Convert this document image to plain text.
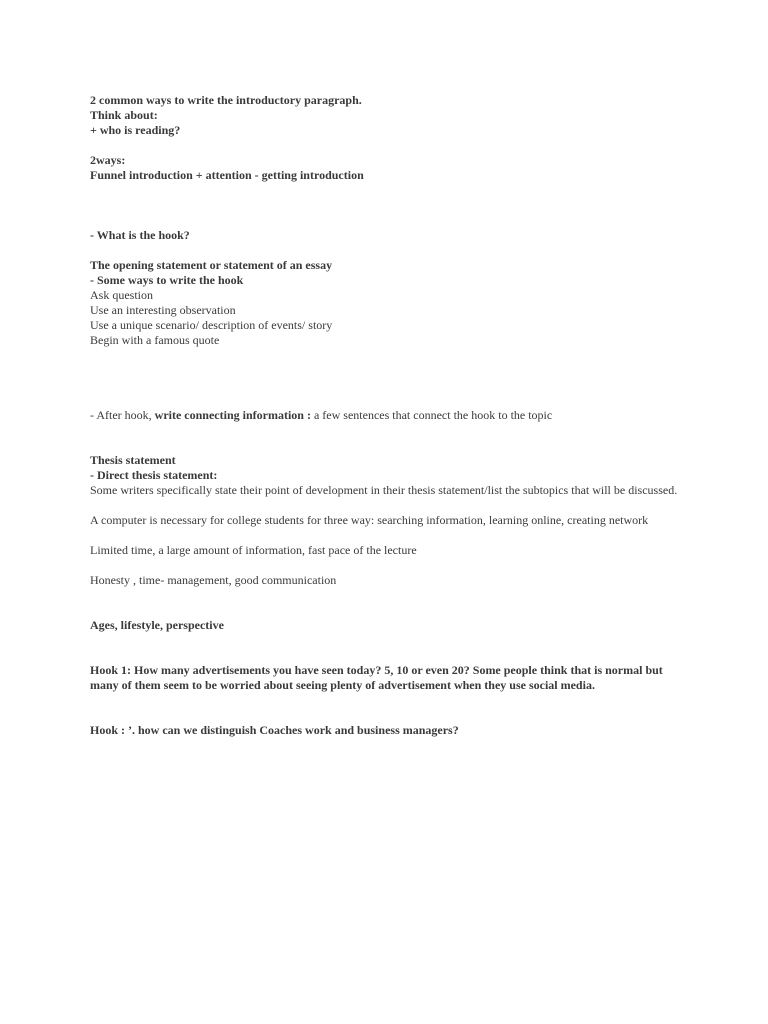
2 common ways to write the introductory paragraph.
Think about:
+ who is reading?
2ways:
Funnel introduction + attention - getting introduction
- What is the hook?
The opening statement or statement of an essay
- Some ways to write the hook
Ask question
Use an interesting observation
Use a unique scenario/ description of events/ story
Begin with a famous quote
- After hook, write connecting information : a few sentences that connect the hook to the topic
Thesis statement
- Direct thesis statement:
Some writers specifically state their point of development in their thesis statement/list the subtopics that will be discussed.
A computer is necessary for college students for three way: searching information, learning online, creating network
Limited time, a large amount of information, fast pace of the lecture
Honesty , time- management, good communication
Ages, lifestyle, perspective
Hook 1: How many advertisements you have seen today? 5, 10 or even 20? Some people think that is normal but many of them seem to be worried about seeing plenty of advertisement when they use social media.
Hook : ’. how can we distinguish Coaches work and business managers?
